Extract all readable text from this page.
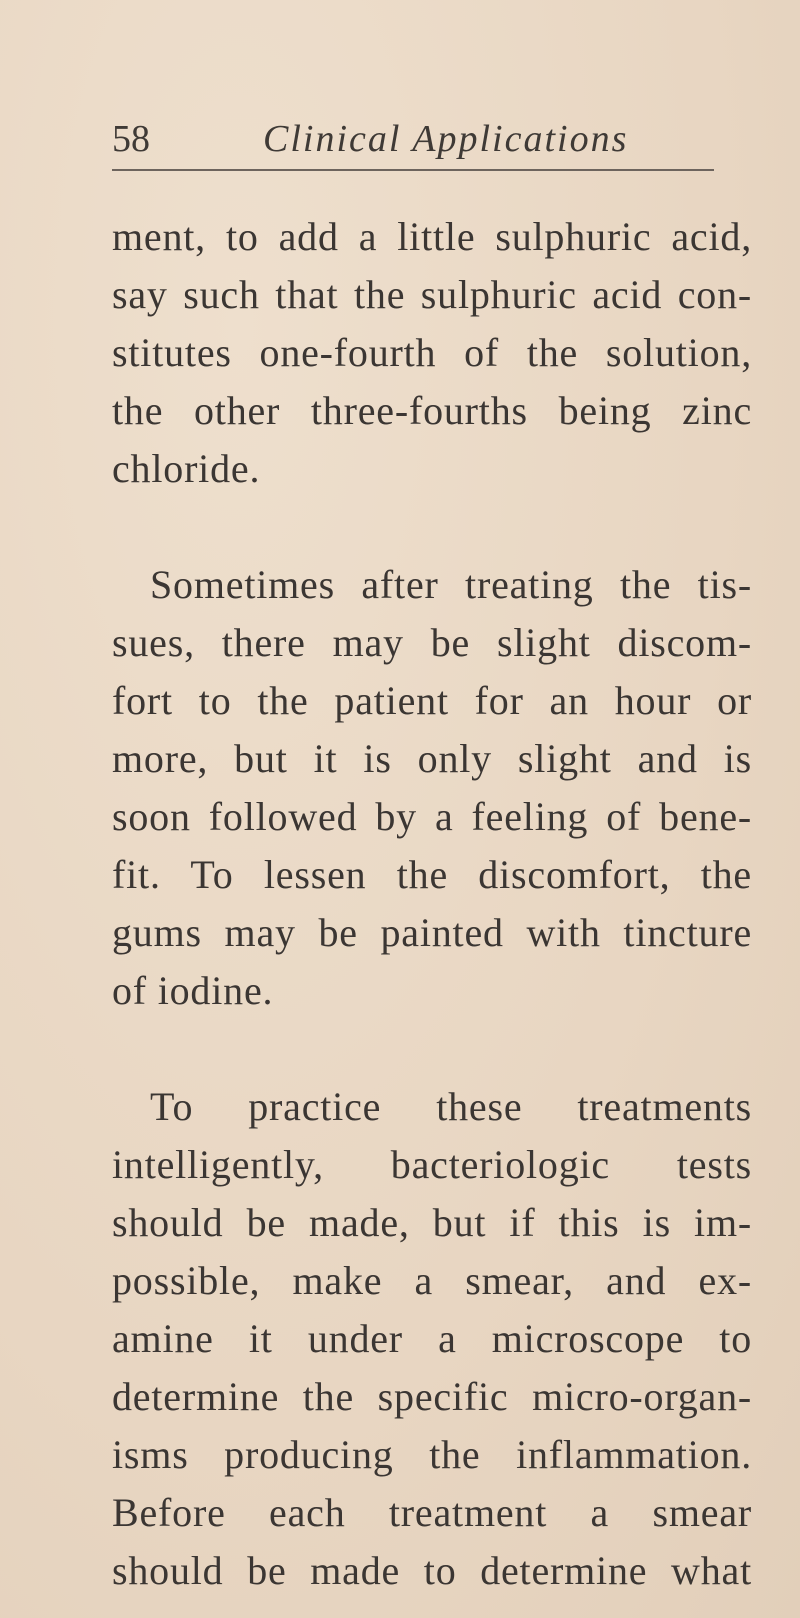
58	Clinical Applications
ment, to add a little sulphuric acid,
say such that the sulphuric acid con-
stitutes one-fourth of the solution,
the other three-fourths being zinc
chloride.
Sometimes after treating the tis-
sues, there may be slight discom-
fort to the patient for an hour or
more, but it is only slight and is
soon followed by a feeling of bene-
fit. To lessen the discomfort, the
gums may be painted with tincture
of iodine.
To practice these treatments
intelligently, bacteriologic tests
should be made, but if this is im-
possible, make a smear, and ex-
amine it under a microscope to
determine the specific micro-organ-
isms producing the inflammation.
Before each treatment a smear
should be made to determine what
